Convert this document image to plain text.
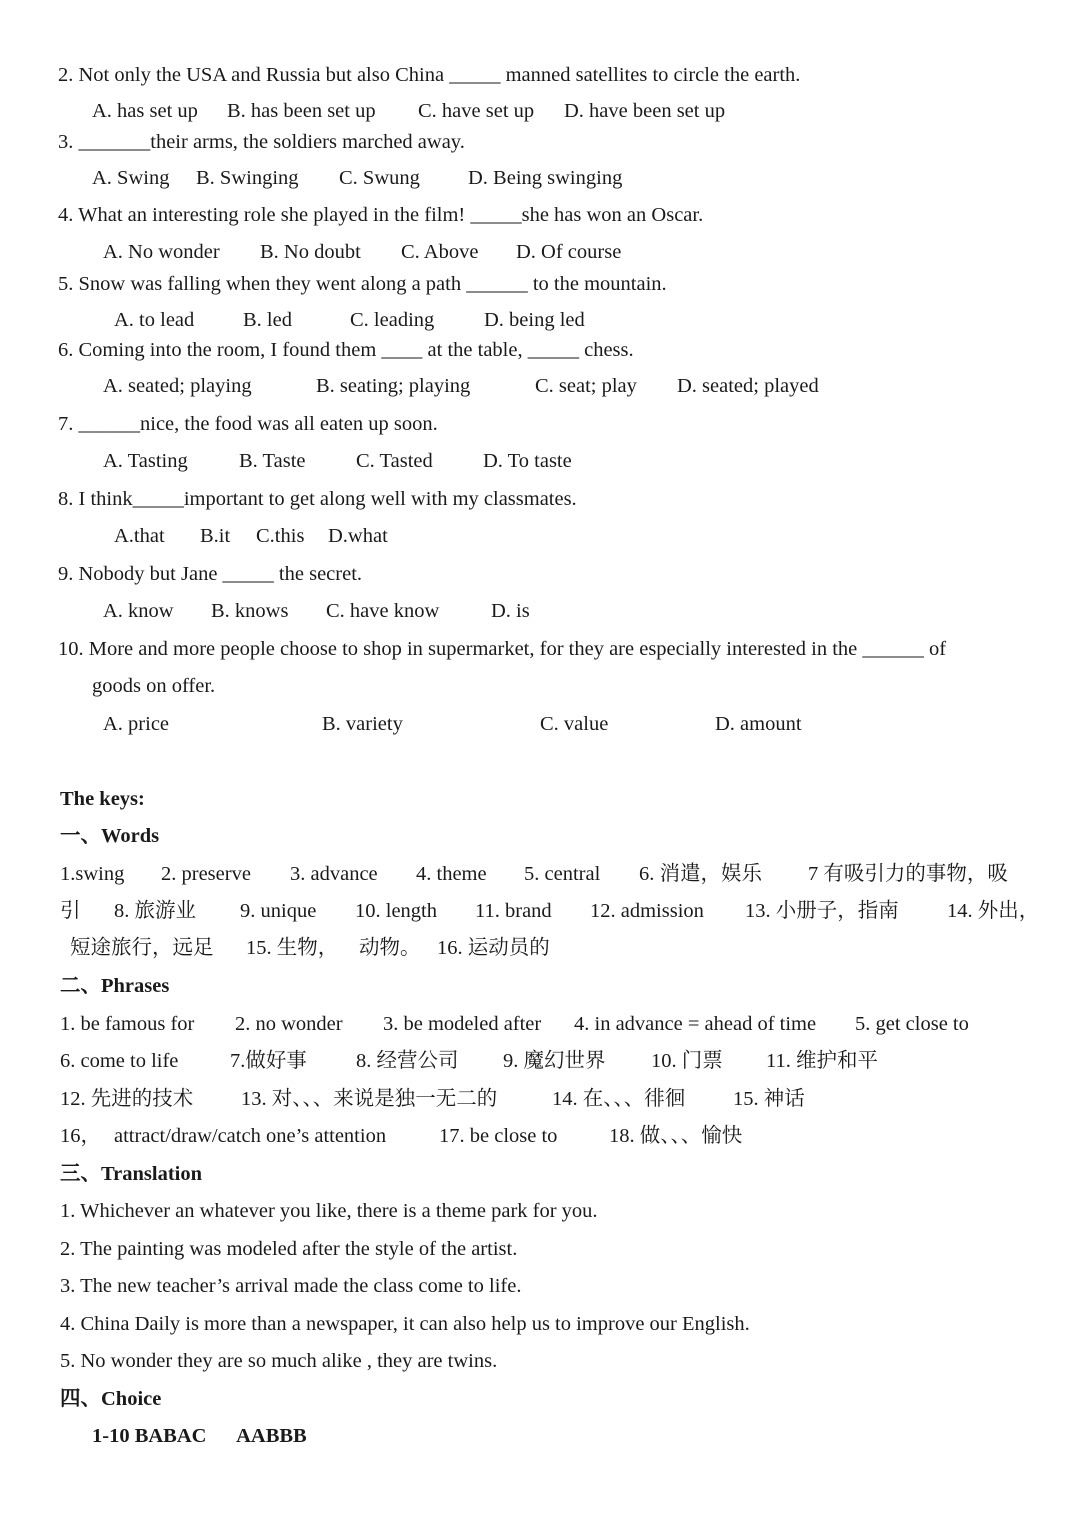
2. Not only the USA and Russia but also China _____ manned satellites to circle the earth.
A. has set up B. has been set up C. have set up D. have been set up
3. _______their arms, the soldiers marched away.
A. Swing B. Swinging C. Swung D. Being swinging
4. What an interesting role she played in the film! _____she has won an Oscar.
A. No wonder B. No doubt C. Above D. Of course
5. Snow was falling when they went along a path ______ to the mountain.
A. to lead B. led	C. leading D. being led
6. Coming into the room, I found them ____ at the table, _____ chess.
A. seated; playing	B. seating; playing	C. seat; play D. seated; played
7. ______nice, the food was all eaten up soon.
A. Tasting	B. Taste C. Tasted D. To taste
8. I think_____important to get along well with my classmates.
A.that B.it C.this D.what
9. Nobody but Jane _____ the secret.
A. know B. knows C. have know	D. is
10. More and more people choose to shop in supermarket, for they are especially interested in the ______ of
goods on offer.
A. price	B. variety	C. value	D. amount
The keys:
一、Words
1.swing 2. preserve 3. advance 4. theme 5. central 6. 消遣，娱乐 7 有吸引力的事物，吸
引 8. 旅游业 9. unique 10. length 11. brand 12. admission 13. 小册子，指南 14. 外出，
短途旅行，远足 15. 生物， 动物。 16. 运动员的
二、Phrases
1. be famous for 2. no wonder 3. be modeled after 4. in advance = ahead of time 5. get close to
6. come to life	7.做好事 8. 经营公司 9. 魔幻世界 10. 门票 11. 维护和平
12. 先进的技术 13. 对、、、来说是独一无二的	14. 在、、、徘徊 15. 神话
16， attract/draw/catch one’s attention	17. be close to	18. 做、、、愉快
三、Translation
1. Whichever an whatever you like, there is a theme park for you.
2. The painting was modeled after the style of the artist.
3. The new teacher’s arrival made the class come to life.
4. China Daily is more than a newspaper, it can also help us to improve our English.
5. No wonder they are so much alike , they are twins.
四、Choice
1-10 BABAC      AABBB
